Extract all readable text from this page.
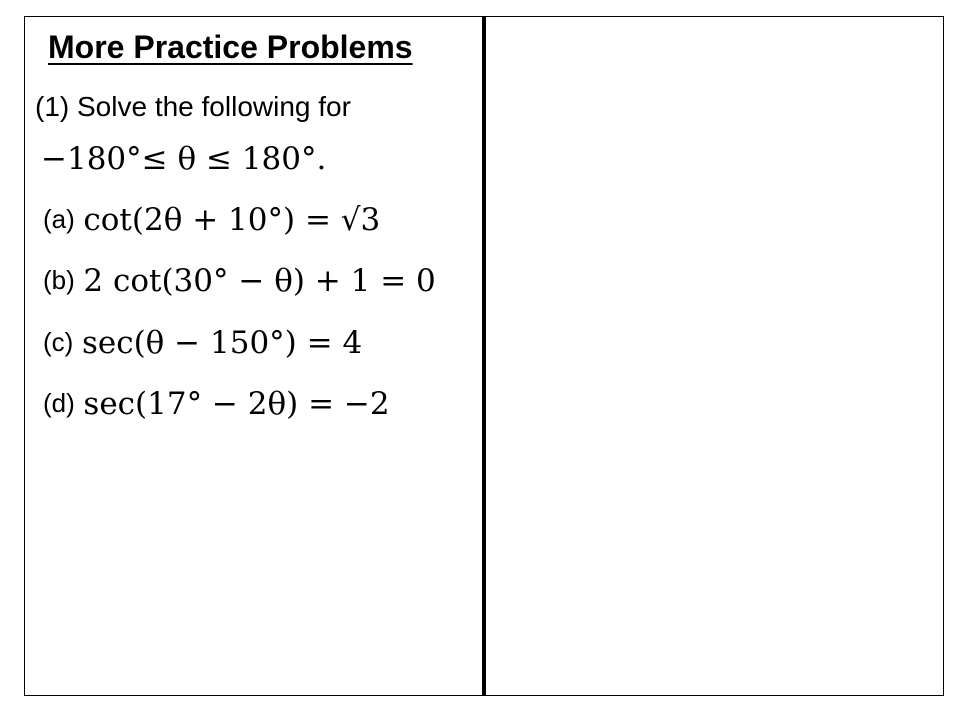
More Practice Problems
(1) Solve the following for
−180°≤ θ ≤ 180°.
(a) cot(2θ + 10°) = √3
(b) 2 cot(30° − θ) + 1 = 0
(c) sec(θ − 150°) = 4
(d) sec(17° − 2θ) = −2
